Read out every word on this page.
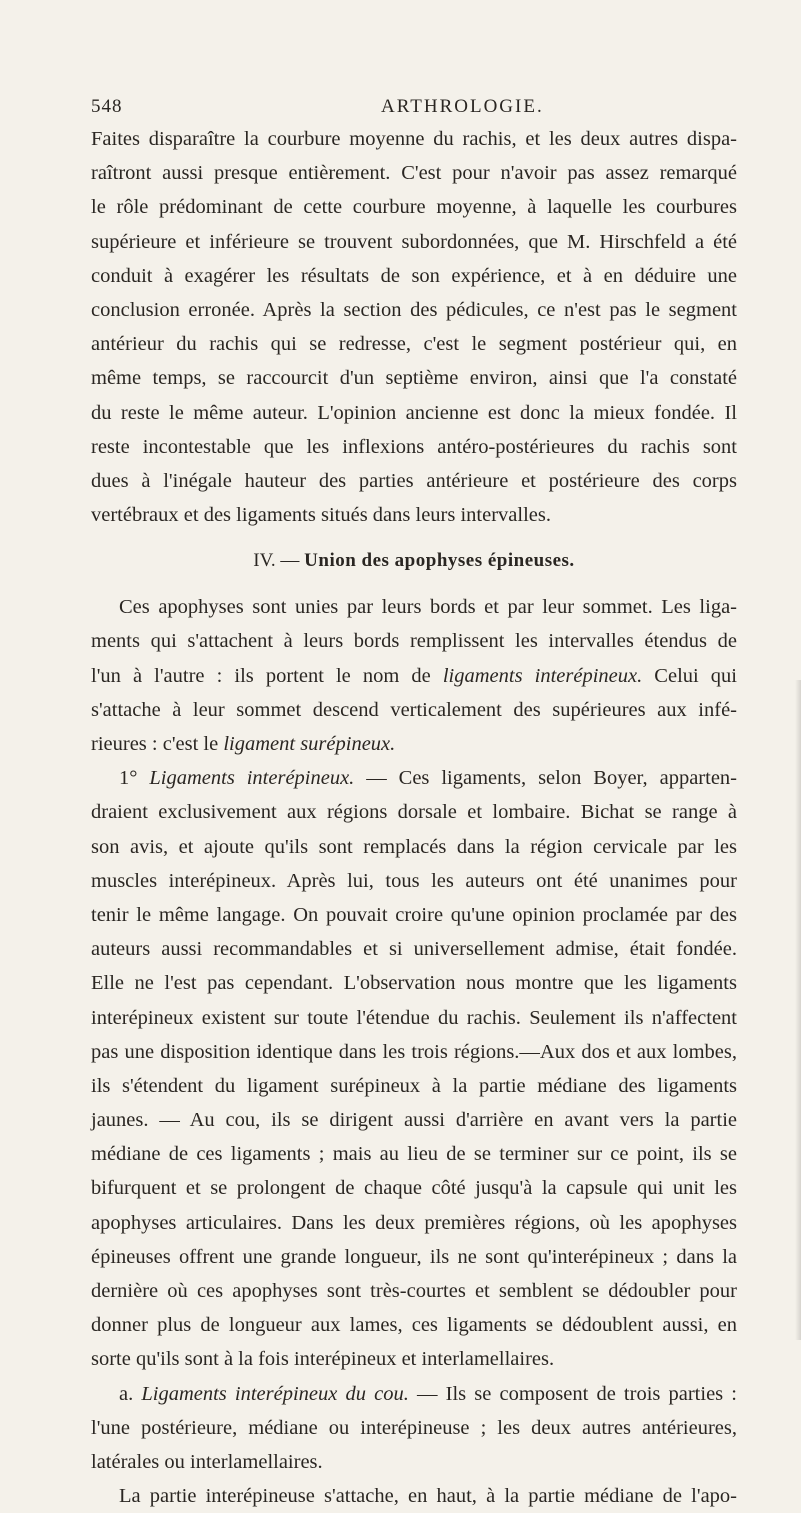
548	ARTHROLOGIE.
Faites disparaître la courbure moyenne du rachis, et les deux autres dispa-
raîtront aussi presque entièrement. C'est pour n'avoir pas assez remarqué
le rôle prédominant de cette courbure moyenne, à laquelle les courbures
supérieure et inférieure se trouvent subordonnées, que M. Hirschfeld a été
conduit à exagérer les résultats de son expérience, et à en déduire une
conclusion erronée. Après la section des pédicules, ce n'est pas le segment
antérieur du rachis qui se redresse, c'est le segment postérieur qui, en
même temps, se raccourcit d'un septième environ, ainsi que l'a constaté
du reste le même auteur. L'opinion ancienne est donc la mieux fondée. Il
reste incontestable que les inflexions antéro-postérieures du rachis sont
dues à l'inégale hauteur des parties antérieure et postérieure des corps
vertébraux et des ligaments situés dans leurs intervalles.
IV. — Union des apophyses épineuses.
Ces apophyses sont unies par leurs bords et par leur sommet. Les liga-
ments qui s'attachent à leurs bords remplissent les intervalles étendus de
l'un à l'autre : ils portent le nom de ligaments interépineux. Celui qui
s'attache à leur sommet descend verticalement des supérieures aux infé-
rieures : c'est le ligament surépineux.
1° Ligaments interépineux. — Ces ligaments, selon Boyer, apparten-
draient exclusivement aux régions dorsale et lombaire. Bichat se range à
son avis, et ajoute qu'ils sont remplacés dans la région cervicale par les
muscles interépineux. Après lui, tous les auteurs ont été unanimes pour
tenir le même langage. On pouvait croire qu'une opinion proclamée par des
auteurs aussi recommandables et si universellement admise, était fondée.
Elle ne l'est pas cependant. L'observation nous montre que les ligaments
interépineux existent sur toute l'étendue du rachis. Seulement ils n'affectent
pas une disposition identique dans les trois régions.—Aux dos et aux lombes,
ils s'étendent du ligament surépineux à la partie médiane des ligaments
jaunes. — Au cou, ils se dirigent aussi d'arrière en avant vers la partie
médiane de ces ligaments ; mais au lieu de se terminer sur ce point, ils se
bifurquent et se prolongent de chaque côté jusqu'à la capsule qui unit les
apophyses articulaires. Dans les deux premières régions, où les apophyses
épineuses offrent une grande longueur, ils ne sont qu'interépineux ; dans la
dernière où ces apophyses sont très-courtes et semblent se dédoubler pour
donner plus de longueur aux lames, ces ligaments se dédoublent aussi, en
sorte qu'ils sont à la fois interépineux et interlamellaires.
a. Ligaments interépineux du cou. — Ils se composent de trois parties :
l'une postérieure, médiane ou interépineuse ; les deux autres antérieures,
latérales ou interlamellaires.
La partie interépineuse s'attache, en haut, à la partie médiane de l'apo-
